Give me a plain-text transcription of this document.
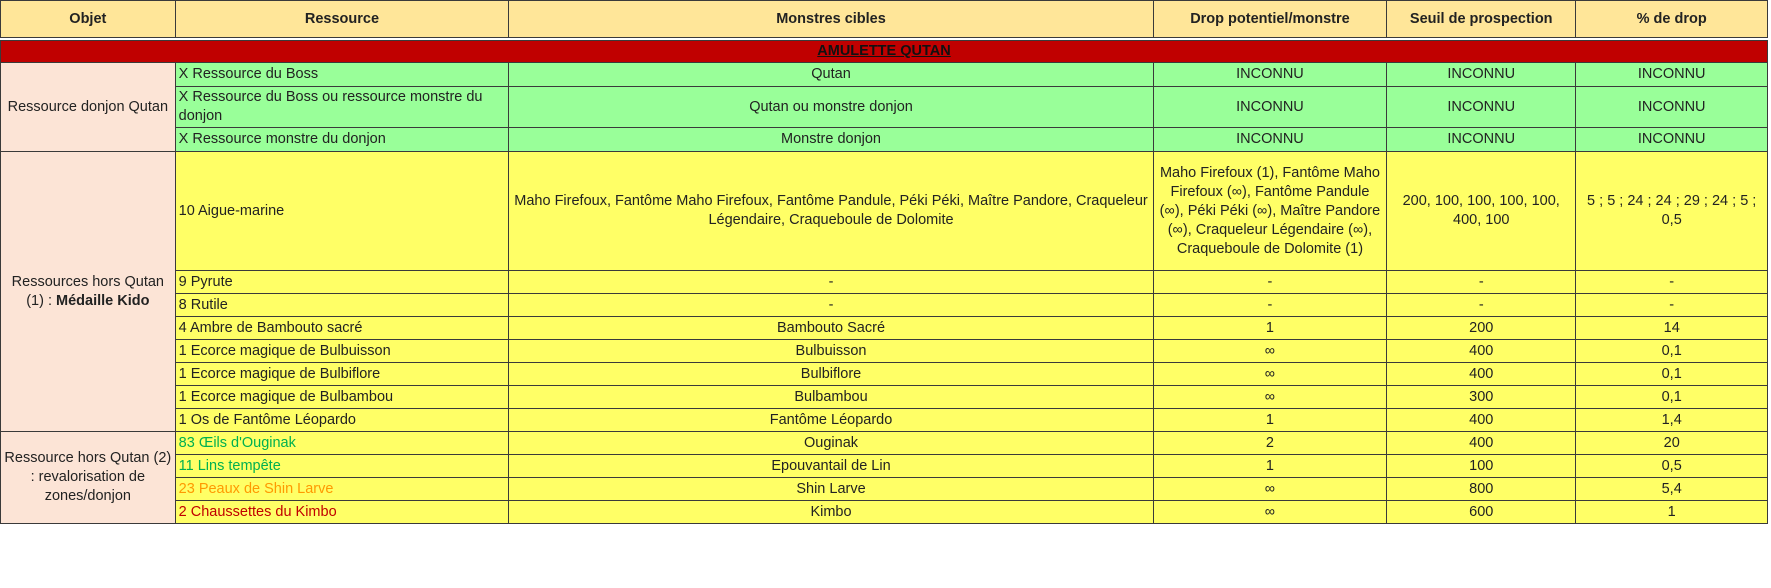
Objet	Ressource	Monstres cibles	Drop potentiel/monstre	Seuil de prospection	% de drop

AMULETTE QUTAN					
Ressource donjon Qutan	X Ressource du Boss	Qutan	INCONNU	INCONNU	INCONNU
	X Ressource du Boss ou ressource monstre du donjon	Qutan ou monstre donjon	INCONNU	INCONNU	INCONNU
	X Ressource monstre du donjon	Monstre donjon	INCONNU	INCONNU	INCONNU
Ressources hors Qutan (1) : Médaille Kido	10 Aigue-marine	Maho Firefoux, Fantôme Maho Firefoux, Fantôme Pandule, Péki Péki, Maître Pandore, Craqueleur Légendaire, Craqueboule de Dolomite	Maho Firefoux (1), Fantôme Maho Firefoux (∞), Fantôme Pandule (∞), Péki Péki (∞), Maître Pandore (∞), Craqueleur Légendaire (∞), Craqueboule de Dolomite (1)	200, 100, 100, 100, 100, 400, 100	5 ; 5 ; 24 ; 24 ; 29 ; 24 ; 5 ; 0,5
	9 Pyrute	-	-	-	-
	8 Rutile	-	-	-	-
	4 Ambre de Bambouto sacré	Bambouto Sacré	1	200	14
	1 Ecorce magique de Bulbuisson	Bulbuisson	∞	400	0,1
	1 Ecorce magique de Bulbiflore	Bulbiflore	∞	400	0,1
	1 Ecorce magique de Bulbambou	Bulbambou	∞	300	0,1
	1 Os de Fantôme Léopardo	Fantôme Léopardo	1	400	1,4
Ressource hors Qutan (2) : revalorisation de zones/donjon	83 Œils d'Ouginak	Ouginak	2	400	20
	11 Lins tempête	Epouvantail de Lin	1	100	0,5
	23 Peaux de Shin Larve	Shin Larve	∞	800	5,4
	2 Chaussettes du Kimbo	Kimbo	∞	600	1
